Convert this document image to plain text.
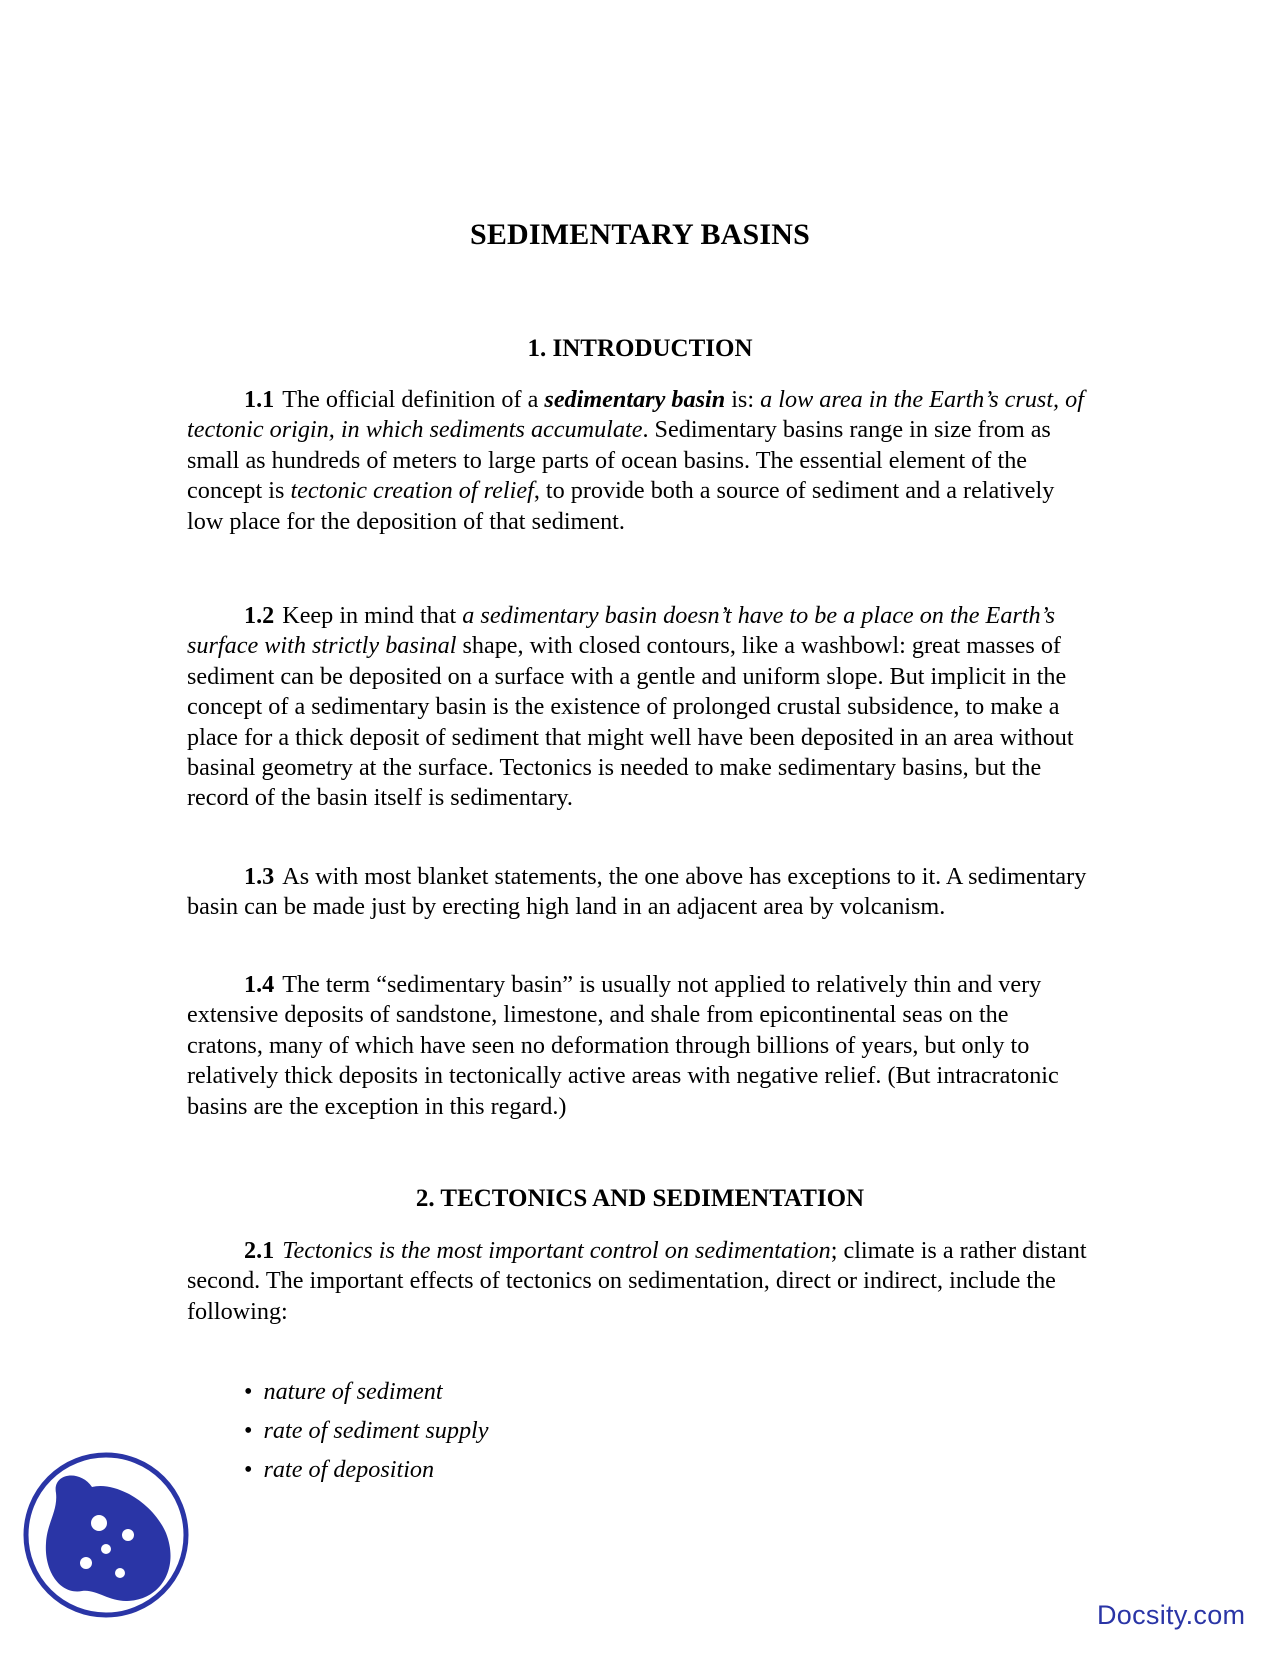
SEDIMENTARY BASINS
1. INTRODUCTION
1.1 The official definition of a sedimentary basin is: a low area in the Earth’s crust, of tectonic origin, in which sediments accumulate. Sedimentary basins range in size from as small as hundreds of meters to large parts of ocean basins. The essential element of the concept is tectonic creation of relief, to provide both a source of sediment and a relatively low place for the deposition of that sediment.
1.2 Keep in mind that a sedimentary basin doesn’t have to be a place on the Earth’s surface with strictly basinal shape, with closed contours, like a washbowl: great masses of sediment can be deposited on a surface with a gentle and uniform slope. But implicit in the concept of a sedimentary basin is the existence of prolonged crustal subsidence, to make a place for a thick deposit of sediment that might well have been deposited in an area without basinal geometry at the surface. Tectonics is needed to make sedimentary basins, but the record of the basin itself is sedimentary.
1.3 As with most blanket statements, the one above has exceptions to it. A sedimentary basin can be made just by erecting high land in an adjacent area by volcanism.
1.4 The term “sedimentary basin” is usually not applied to relatively thin and very extensive deposits of sandstone, limestone, and shale from epicontinental seas on the cratons, many of which have seen no deformation through billions of years, but only to relatively thick deposits in tectonically active areas with negative relief. (But intracratonic basins are the exception in this regard.)
2. TECTONICS AND SEDIMENTATION
2.1 Tectonics is the most important control on sedimentation; climate is a rather distant second. The important effects of tectonics on sedimentation, direct or indirect, include the following:
• nature of sediment
• rate of sediment supply
• rate of deposition
Docsity.com
